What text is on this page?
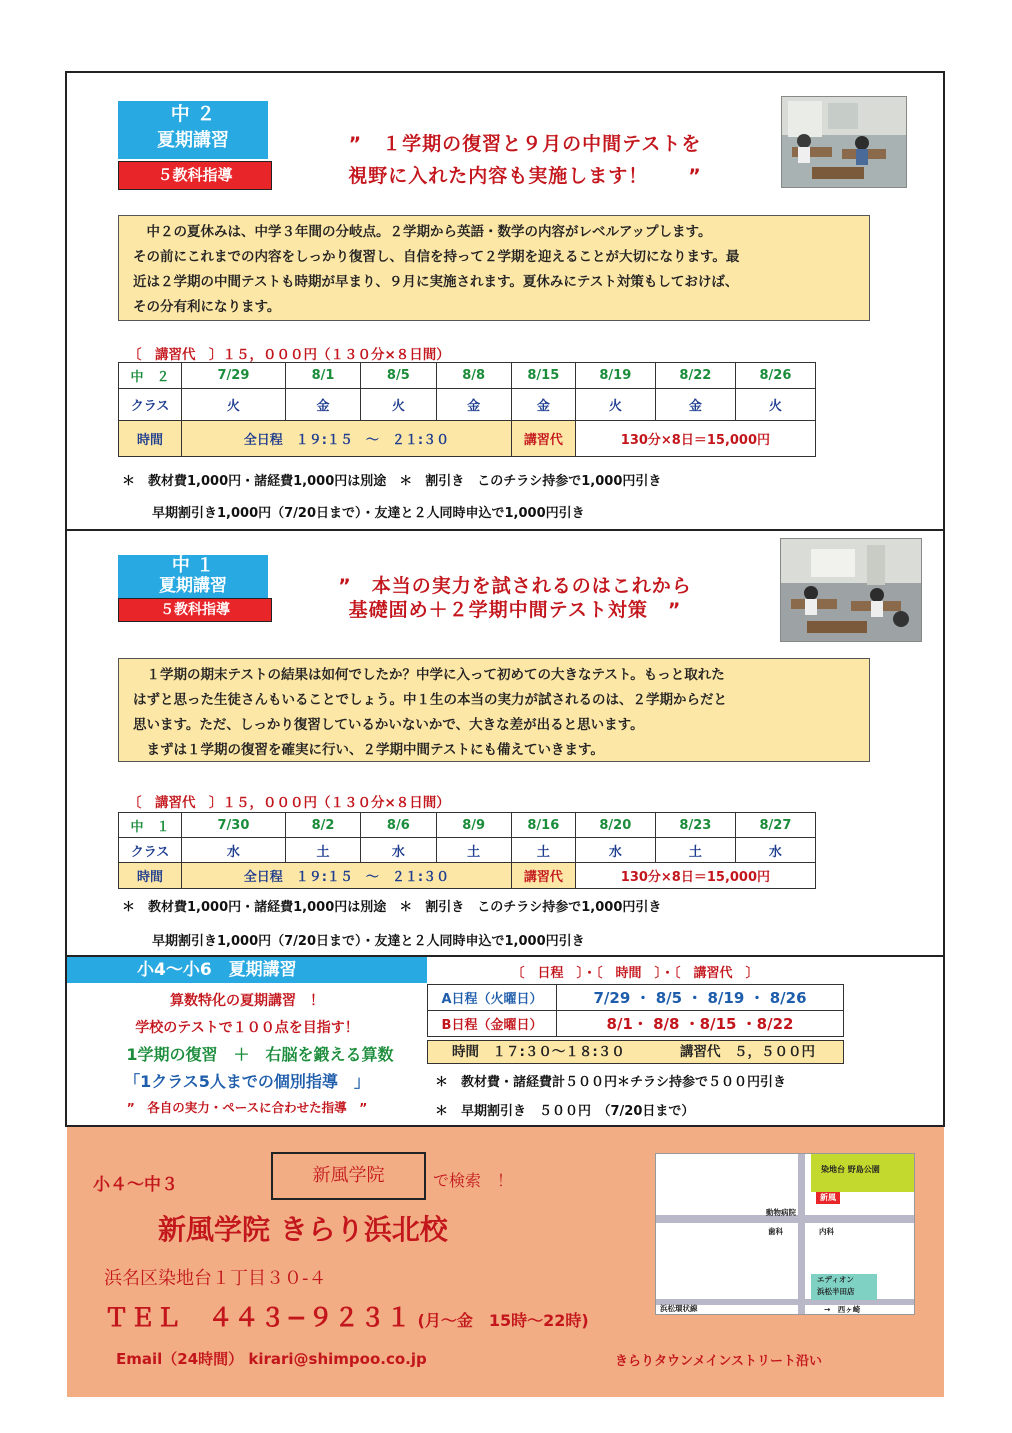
中 ２
夏期講習
５教科指導
”　１学期の復習と９月の中間テストを
視野に入れた内容も実施します！　　”

　中２の夏休みは、中学３年間の分岐点。２学期から英語・数学の内容がレベルアップします。

その前にこれまでの内容をしっかり復習し、自信を持って２学期を迎えることが大切になります。最

近は２学期の中間テストも時期が早まり、９月に実施されます。夏休みにテスト対策もしておけば、

その分有利になります。

〔　講習代　〕１５，０００円（１３０分×８日間）
中　２	7/29	8/1	8/5	8/8	8/15	8/19	8/22	8/26
クラス	火	金	火	金	金	火	金	火
時間	全日程　１９:１５　～　２１:３０				講習代	130分×8日＝15,000円		
＊　教材費1,000円・諸経費1,000円は別途　＊　割引き　このチラシ持参で1,000円引き
早期割引き1,000円（7/20日まで）・友達と２人同時申込で1,000円引き
中 １
夏期講習
５教科指導
”　本当の実力を試されるのはこれから
基礎固め＋２学期中間テスト対策　”

　１学期の期末テストの結果は如何でしたか？中学に入って初めての大きなテスト。もっと取れた

はずと思った生徒さんもいることでしょう。中１生の本当の実力が試されるのは、２学期からだと

思います。ただ、しっかり復習しているかいないかで、大きな差が出ると思います。

　まずは１学期の復習を確実に行い、２学期中間テストにも備えていきます。

〔　講習代　〕１５，０００円（１３０分×８日間）
中　１	7/30	8/2	8/6	8/9	8/16	8/20	8/23	8/27
クラス	水	土	水	土	土	水	土	水
時間	全日程　１９:１５　～　２１:３０				講習代	130分×8日＝15,000円		
＊　教材費1,000円・諸経費1,000円は別途　＊　割引き　このチラシ持参で1,000円引き
早期割引き1,000円（7/20日まで）・友達と２人同時申込で1,000円引き
小4～小6　夏期講習
算数特化の夏期講習　！
学校のテストで１００点を目指す！
1学期の復習　＋　右脳を鍛える算数
「1クラス5人までの個別指導　」
”　各自の実力・ペースに合わせた指導　”
〔　日程　〕・〔　時間　〕・〔　講習代　〕
A日程（火曜日）	7/29 ・ 8/5 ・ 8/19 ・ 8/26
B日程（金曜日）	8/1・ 8/8 ・8/15 ・8/22
時間　１７:３０～１８:３０	講習代　５，５００円
＊　教材費・諸経費計５００円＊チラシ持参で５００円引き
＊　早期割引き　５００円　（7/20日まで）
小４～中３	新風学院	で検索　！
新風学院 きらり浜北校
浜名区染地台１丁目３０-４
ＴＥＬ　４４３−９２３１ (月～金　15時～22時)
Email（24時間） kirari@shimpoo.co.jp	きらりタウンメインストリート沿い
染地台 野島公園
新風
動物病院
歯科	内科
エディオン
浜松半田店
浜松環状線	→　西ヶ崎
